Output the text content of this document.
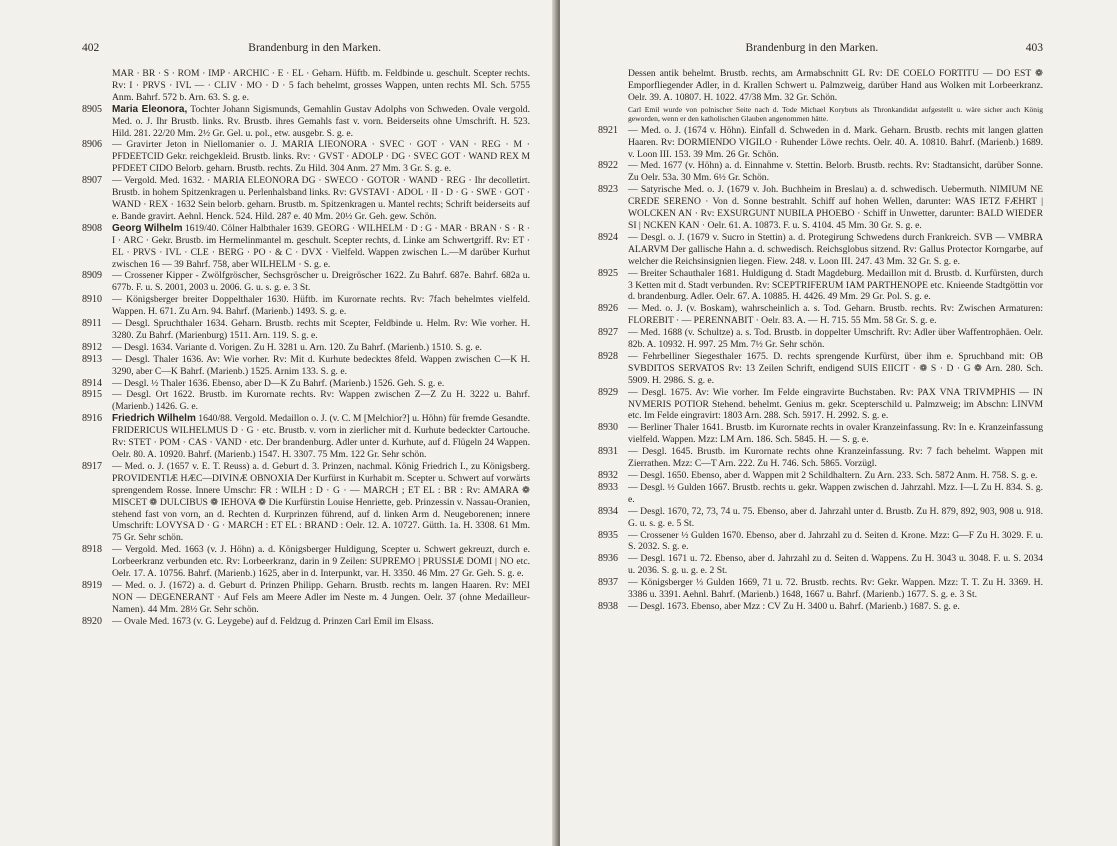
402	Brandenburg in den Marken.
MAR · BR · S · ROM · IMP · ARCHIC · E · EL · Geharn. Hüftb. m. Feldbinde u. geschult. Scepter rechts. Rv: I · PRVS · IVL — · CLIV · MO · D · 5 fach behelmt, grosses Wappen, unten rechts MI. Sch. 5755 Anm. Bahrf. 572 b. Arn. 63. S. g. e.
8905	Maria Eleonora, Tochter Johann Sigismunds, Gemahlin Gustav Adolphs von Schweden. Ovale vergold. Med. o. J. Ihr Brustb. links. Rv. Brustb. ihres Gemahls fast v. vorn. Beiderseits ohne Umschrift. H. 523. Hild. 281. 22/20 Mm. 2½ Gr. Gel. u. pol., etw. ausgebr. S. g. e.
8906	— Gravirter Jeton in Niellomanier o. J. MARIA LIEONORA · SVEC · GOT · VAN · REG · M · PFDEETCID Gekr. reichgekleid. Brustb. links. Rv: · GVST · ADOLP · DG · SVEC GOT · WAND REX M PFDEET CIDO Belorb. geharn. Brustb. rechts. Zu Hild. 304 Anm. 27 Mm. 3 Gr. S. g. e.
8907	— Vergold. Med. 1632. · MARIA ELEONORA DG · SWECO · GOTOR · WAND · REG · Ihr decolletirt. Brustb. in hohem Spitzenkragen u. Perlenhalsband links. Rv: GVSTAVI · ADOL · II · D · G · SWE · GOT · WAND · REX · 1632 Sein belorb. geharn. Brustb. m. Spitzenkragen u. Mantel rechts; Schrift beiderseits auf e. Bande gravirt. Aehnl. Henck. 524. Hild. 287 e. 40 Mm. 20½ Gr. Geh. gew. Schön.
8908	Georg Wilhelm 1619/40. Cölner Halbthaler 1639. GEORG · WILHELM · D : G · MAR · BRAN · S · R · I · ARC · Gekr. Brustb. im Hermelinmantel m. geschult. Scepter rechts, d. Linke am Schwertgriff. Rv: ET · EL · PRVS · IVL · CLE · BERG · PO · & C · DVX · Vielfeld. Wappen zwischen L.—M darüber Kurhut zwischen 16 — 39 Bahrf. 758, aber WILHELM · S. g. e.
8909	— Crossener Kipper - Zwölfgröscher, Sechsgröscher u. Dreigröscher 1622. Zu Bahrf. 687e. Bahrf. 682a u. 677b. F. u. S. 2001, 2003 u. 2006. G. u. s. g. e. 3 St.
8910	— Königsberger breiter Doppelthaler 1630. Hüftb. im Kurornate rechts. Rv: 7fach behelmtes vielfeld. Wappen. H. 671. Zu Arn. 94. Bahrf. (Marienb.) 1493. S. g. e.
8911	— Desgl. Spruchthaler 1634. Geharn. Brustb. rechts mit Scepter, Feldbinde u. Helm. Rv: Wie vorher. H. 3280. Zu Bahrf. (Marienburg) 1511. Arn. 119. S. g. e.
8912	— Desgl. 1634. Variante d. Vorigen. Zu H. 3281 u. Arn. 120. Zu Bahrf. (Marienb.) 1510. S. g. e.
8913	— Desgl. Thaler 1636. Av: Wie vorher. Rv: Mit d. Kurhute bedecktes 8feld. Wappen zwischen C—K H. 3290, aber C—K Bahrf. (Marienb.) 1525. Arnim 133. S. g. e.
8914	— Desgl. ½ Thaler 1636. Ebenso, aber D—K Zu Bahrf. (Marienb.) 1526. Geh. S. g. e.
8915	— Desgl. Ort 1622. Brustb. im Kurornate rechts. Rv: Wappen zwischen Z—Z Zu H. 3222 u. Bahrf. (Marienb.) 1426. G. e.
8916	Friedrich Wilhelm 1640/88. Vergold. Medaillon o. J. (v. C. M [Melchior?] u. Höhn) für fremde Gesandte. FRIDERICUS WILHELMUS D · G · etc. Brustb. v. vorn in zierlicher mit d. Kurhute bedeckter Cartouche. Rv: STET · POM · CAS · VAND · etc. Der brandenburg. Adler unter d. Kurhute, auf d. Flügeln 24 Wappen. Oelr. 80. A. 10920. Bahrf. (Marienb.) 1547. H. 3307. 75 Mm. 122 Gr. Sehr schön.
8917	— Med. o. J. (1657 v. E. T. Reuss) a. d. Geburt d. 3. Prinzen, nachmal. König Friedrich I., zu Königsberg. PROVIDENTIÆ HÆC—DIVINÆ OBNOXIA Der Kurfürst in Kurhabit m. Scepter u. Schwert auf vorwärts sprengendem Rosse. Innere Umschr: FR : WILH : D · G · — MARCH ; ET EL : BR : Rv: AMARA ❁ MISCET ❁ DULCIBUS ❁ IEHOVA ❁ Die Kurfürstin Louise Henriette, geb. Prinzessin v. Nassau-Oranien, stehend fast von vorn, an d. Rechten d. Kurprinzen führend, auf d. linken Arm d. Neugeborenen; innere Umschrift: LOVYSA D · G · MARCH : ET EL : BRAND : Oelr. 12. A. 10727. Gütth. 1a. H. 3308. 61 Mm. 75 Gr. Sehr schön.
8918	— Vergold. Med. 1663 (v. J. Höhn) a. d. Königsberger Huldigung, Scepter u. Schwert gekreuzt, durch e. Lorbeerkranz verbunden etc. Rv: Lorbeerkranz, darin in 9 Zeilen: SUPREMO | PRUSSIÆ DOMI | NO etc. Oelr. 17. A. 10756. Bahrf. (Marienb.) 1625, aber in d. Interpunkt, var. H. 3350. 46 Mm. 27 Gr. Geh. S. g. e.
8919	— Med. o. J. (1672) a. d. Geburt d. Prinzen Philipp. Geharn. Brustb. rechts m. langen Haaren. Rv: MEI NON — DEGENERANT · Auf Fels am Meere Adler im Neste m. 4 Jungen. Oelr. 37 (ohne Medailleur-Namen). 44 Mm. 28½ Gr. Sehr schön.
8920	— Ovale Med. 1673 (v. G. Leygebe) auf d. Feldzug d. Prinzen Carl Emil im Elsass.
Brandenburg in den Marken.	403
Dessen antik behelmt. Brustb. rechts, am Armabschnitt GL Rv: DE COELO FORTITU — DO EST ❁ Emporfliegender Adler, in d. Krallen Schwert u. Palmzweig, darüber Hand aus Wolken mit Lorbeerkranz. Oelr. 39. A. 10807. H. 1022. 47/38 Mm. 32 Gr. Schön.
Carl Emil wurde von polnischer Seite nach d. Tode Michael Korybuts als Thronkandidat aufgestellt u. wäre sicher auch König geworden, wenn er den katholischen Glauben angenommen hätte.
8921	— Med. o. J. (1674 v. Höhn). Einfall d. Schweden in d. Mark. Geharn. Brustb. rechts mit langen glatten Haaren. Rv: DORMIENDO VIGILO · Ruhender Löwe rechts. Oelr. 40. A. 10810. Bahrf. (Marienb.) 1689. v. Loon III. 153. 39 Mm. 26 Gr. Schön.
8922	— Med. 1677 (v. Höhn) a. d. Einnahme v. Stettin. Belorb. Brustb. rechts. Rv: Stadtansicht, darüber Sonne. Zu Oelr. 53a. 30 Mm. 6½ Gr. Schön.
8923	— Satyrische Med. o. J. (1679 v. Joh. Buchheim in Breslau) a. d. schwedisch. Uebermuth. NIMIUM NE CREDE SERENO · Von d. Sonne bestrahlt. Schiff auf hohen Wellen, darunter: WAS IETZ FÆHRT | WOLCKEN AN · Rv: EXSURGUNT NUBILA PHOEBO · Schiff in Unwetter, darunter: BALD WIEDER SI | NCKEN KAN · Oelr. 61. A. 10873. F. u. S. 4104. 45 Mm. 30 Gr. S. g. e.
8924	— Desgl. o. J. (1679 v. Sucro in Stettin) a. d. Protegirung Schwedens durch Frankreich. SVB — VMBRA ALARVM Der gallische Hahn a. d. schwedisch. Reichsglobus sitzend. Rv: Gallus Protector Korngarbe, auf welcher die Reichsinsignien liegen. Fiew. 248. v. Loon III. 247. 43 Mm. 32 Gr. S. g. e.
8925	— Breiter Schauthaler 1681. Huldigung d. Stadt Magdeburg. Medaillon mit d. Brustb. d. Kurfürsten, durch 3 Ketten mit d. Stadt verbunden. Rv: SCEPTRIFERUM IAM PARTHENOPE etc. Knieende Stadtgöttin vor d. brandenburg. Adler. Oelr. 67. A. 10885. H. 4426. 49 Mm. 29 Gr. Pol. S. g. e.
8926	— Med. o. J. (v. Boskam), wahrscheinlich a. s. Tod. Geharn. Brustb. rechts. Rv: Zwischen Armaturen: FLOREBIT · — PERENNABIT · Oelr. 83. A. — H. 715. 55 Mm. 58 Gr. S. g. e.
8927	— Med. 1688 (v. Schultze) a. s. Tod. Brustb. in doppelter Umschrift. Rv: Adler über Waffentrophäen. Oelr. 82b. A. 10932. H. 997. 25 Mm. 7½ Gr. Sehr schön.
8928	— Fehrbelliner Siegesthaler 1675. D. rechts sprengende Kurfürst, über ihm e. Spruchband mit: OB SVBDITOS SERVATOS Rv: 13 Zeilen Schrift, endigend SUIS EIICIT · ❁ S · D · G ❁ Arn. 280. Sch. 5909. H. 2986. S. g. e.
8929	— Desgl. 1675. Av: Wie vorher. Im Felde eingravirte Buchstaben. Rv: PAX VNA TRIVMPHIS — IN NVMERIS POTIOR Stehend. behelmt. Genius m. gekr. Scepterschild u. Palmzweig; im Abschn: LINVM etc. Im Felde eingravirt: 1803 Arn. 288. Sch. 5917. H. 2992. S. g. e.
8930	— Berliner Thaler 1641. Brustb. im Kurornate rechts in ovaler Kranzeinfassung. Rv: In e. Kranzeinfassung vielfeld. Wappen. Mzz: LM Arn. 186. Sch. 5845. H. — S. g. e.
8931	— Desgl. 1645. Brustb. im Kurornate rechts ohne Kranzeinfassung. Rv: 7 fach behelmt. Wappen mit Zierrathen. Mzz: C—T Arn. 222. Zu H. 746. Sch. 5865. Vorzügl.
8932	— Desgl. 1650. Ebenso, aber d. Wappen mit 2 Schildhaltern. Zu Arn. 233. Sch. 5872 Anm. H. 758. S. g. e.
8933	— Desgl. ½ Gulden 1667. Brustb. rechts u. gekr. Wappen zwischen d. Jahrzahl. Mzz. I—L Zu H. 834. S. g. e.
8934	— Desgl. 1670, 72, 73, 74 u. 75. Ebenso, aber d. Jahrzahl unter d. Brustb. Zu H. 879, 892, 903, 908 u. 918. G. u. s. g. e. 5 St.
8935	— Crossener ½ Gulden 1670. Ebenso, aber d. Jahrzahl zu d. Seiten d. Krone. Mzz: G—F Zu H. 3029. F. u. S. 2032. S. g. e.
8936	— Desgl. 1671 u. 72. Ebenso, aber d. Jahrzahl zu d. Seiten d. Wappens. Zu H. 3043 u. 3048. F. u. S. 2034 u. 2036. S. g. u. g. e. 2 St.
8937	— Königsberger ⅓ Gulden 1669, 71 u. 72. Brustb. rechts. Rv: Gekr. Wappen. Mzz: T. T. Zu H. 3369. H. 3386 u. 3391. Aehnl. Bahrf. (Marienb.) 1648, 1667 u. Bahrf. (Marienb.) 1677. S. g. e. 3 St.
8938	— Desgl. 1673. Ebenso, aber Mzz : CV Zu H. 3400 u. Bahrf. (Marienb.) 1687. S. g. e.
